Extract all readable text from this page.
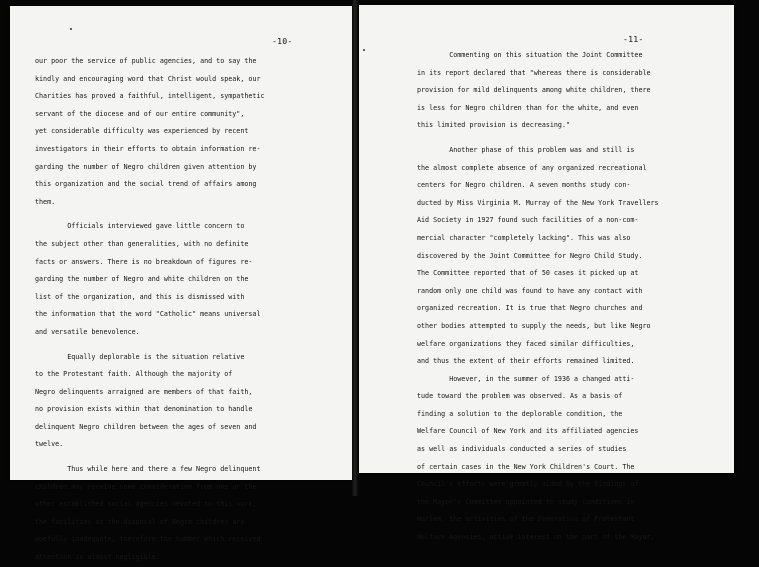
-10-
our poor the service of public agencies, and to say the
kindly and encouraging word that Christ would speak, our
Charities has proved a faithful, intelligent, sympathetic
servant of the diocese and of our entire community",
yet considerable difficulty was experienced by recent
investigators in their efforts to obtain information re-
garding the number of Negro children given attention by
this organization and the social trend of affairs among
them.
Officials interviewed gave little concern to
the subject other than generalities, with no definite
facts or answers. There is no breakdown of figures re-
garding the number of Negro and white children on the
list of the organization, and this is dismissed with
the information that the word "Catholic" means universal
and versatile benevolence.
Equally deplorable is the situation relative
to the Protestant faith. Although the majority of
Negro delinquents arraigned are members of that faith,
no provision exists within that denomination to handle
delinquent Negro children between the ages of seven and
twelve.
Thus while here and there a few Negro delinquent
children may receive some consideration from one or the
other established social agencies devoted to this work,
the facilities at the disposal of Negro children are
woefully inadequate, therefore the number which received
attention is almost negligible.
-11-
Commenting on this situation the Joint Committee
in its report declared that "whereas there is considerable
provision for mild delinquents among white children, there
is less for Negro children than for the white, and even
this limited provision is decreasing."
Another phase of this problem was and still is
the almost complete absence of any organized recreational
centers for Negro children. A seven months study con-
ducted by Miss Virginia M. Murray of the New York Travellers
Aid Society in 1927 found such facilities of a non-com-
mercial character "completely lacking". This was also
discovered by the Joint Committee for Negro Child Study.
The Committee reported that of 50 cases it picked up at
random only one child was found to have any contact with
organized recreation. It is true that Negro churches and
other bodies attempted to supply the needs, but like Negro
welfare organizations they faced similar difficulties,
and thus the extent of their efforts remained limited.
However, in the summer of 1936 a changed atti-
tude toward the problem was observed. As a basis of
finding a solution to the deplorable condition, the
Welfare Council of New York and its affiliated agencies
as well as individuals conducted a series of studies
of certain cases in the New York Children's Court. The
Council's efforts were greatly aided by the findings of
the Mayor's Committee appointed to study conditions in
Harlem, the activities of the Federation of Protestant
Welfare Agencies, active interest on the part of the Mayor,
